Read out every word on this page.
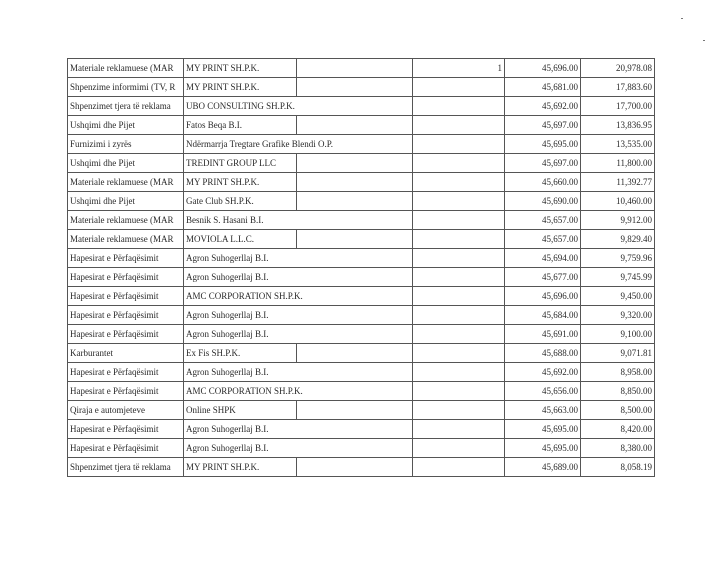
Materiale reklamuese (MAR	MY PRINT SH.P.K.		1	45,696.00	20,978.08
Shpenzime informimi (TV, R	MY PRINT SH.P.K.			45,681.00	17,883.60
Shpenzimet tjera të reklama	UBO CONSULTING SH.P.K.			45,692.00	17,700.00
Ushqimi dhe Pijet	Fatos Beqa B.I.			45,697.00	13,836.95
Furnizimi i zyrës	Ndërmarrja Tregtare Grafike Blendi O.P.			45,695.00	13,535.00
Ushqimi dhe Pijet	TREDINT GROUP LLC			45,697.00	11,800.00
Materiale reklamuese (MAR	MY PRINT SH.P.K.			45,660.00	11,392.77
Ushqimi dhe Pijet	Gate Club SH.P.K.			45,690.00	10,460.00
Materiale reklamuese (MAR	Besnik S. Hasani B.I.			45,657.00	9,912.00
Materiale reklamuese (MAR	MOVIOLA L.L.C.			45,657.00	9,829.40
Hapesirat e Përfaqësimit	Agron Suhogerllaj B.I.			45,694.00	9,759.96
Hapesirat e Përfaqësimit	Agron Suhogerllaj B.I.			45,677.00	9,745.99
Hapesirat e Përfaqësimit	AMC CORPORATION SH.P.K.			45,696.00	9,450.00
Hapesirat e Përfaqësimit	Agron Suhogerllaj B.I.			45,684.00	9,320.00
Hapesirat e Përfaqësimit	Agron Suhogerllaj B.I.			45,691.00	9,100.00
Karburantet	Ex Fis SH.P.K.			45,688.00	9,071.81
Hapesirat e Përfaqësimit	Agron Suhogerllaj B.I.			45,692.00	8,958.00
Hapesirat e Përfaqësimit	AMC CORPORATION SH.P.K.			45,656.00	8,850.00
Qiraja e automjeteve	Online SHPK			45,663.00	8,500.00
Hapesirat e Përfaqësimit	Agron Suhogerllaj B.I.			45,695.00	8,420.00
Hapesirat e Përfaqësimit	Agron Suhogerllaj B.I.			45,695.00	8,380.00
Shpenzimet tjera të reklama	MY PRINT SH.P.K.			45,689.00	8,058.19
